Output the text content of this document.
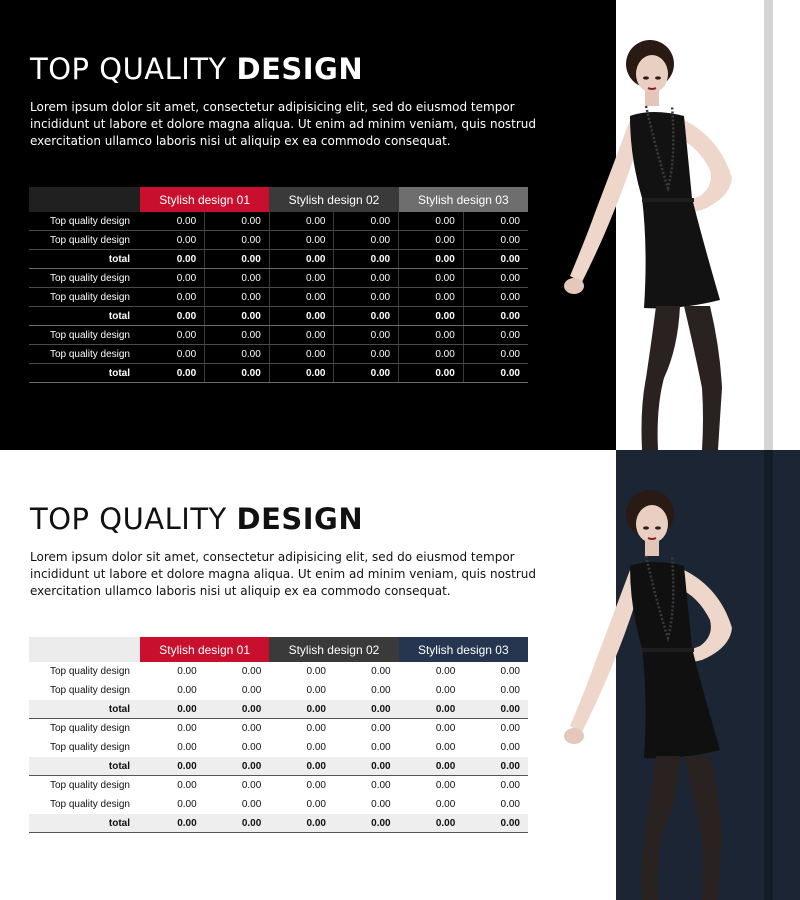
TOP QUALITY DESIGN

Lorem ipsum dolor sit amet, consectetur adipisicing elit, sed do eiusmod tempor incididunt ut labore et dolore magna aliqua. Ut enim ad minim veniam, quis nostrud exercitation ullamco laboris nisi ut aliquip ex ea commodo consequat.

	Stylish design 01		Stylish design 02		Stylish design 03	
Top quality design	0.00	0.00	0.00	0.00	0.00	0.00
Top quality design	0.00	0.00	0.00	0.00	0.00	0.00
total	0.00	0.00	0.00	0.00	0.00	0.00
Top quality design	0.00	0.00	0.00	0.00	0.00	0.00
Top quality design	0.00	0.00	0.00	0.00	0.00	0.00
total	0.00	0.00	0.00	0.00	0.00	0.00
Top quality design	0.00	0.00	0.00	0.00	0.00	0.00
Top quality design	0.00	0.00	0.00	0.00	0.00	0.00
total	0.00	0.00	0.00	0.00	0.00	0.00
TOP QUALITY DESIGN

Lorem ipsum dolor sit amet, consectetur adipisicing elit, sed do eiusmod tempor incididunt ut labore et dolore magna aliqua. Ut enim ad minim veniam, quis nostrud exercitation ullamco laboris nisi ut aliquip ex ea commodo consequat.

	Stylish design 01		Stylish design 02		Stylish design 03	
Top quality design	0.00	0.00	0.00	0.00	0.00	0.00
Top quality design	0.00	0.00	0.00	0.00	0.00	0.00
total	0.00	0.00	0.00	0.00	0.00	0.00
Top quality design	0.00	0.00	0.00	0.00	0.00	0.00
Top quality design	0.00	0.00	0.00	0.00	0.00	0.00
total	0.00	0.00	0.00	0.00	0.00	0.00
Top quality design	0.00	0.00	0.00	0.00	0.00	0.00
Top quality design	0.00	0.00	0.00	0.00	0.00	0.00
total	0.00	0.00	0.00	0.00	0.00	0.00
